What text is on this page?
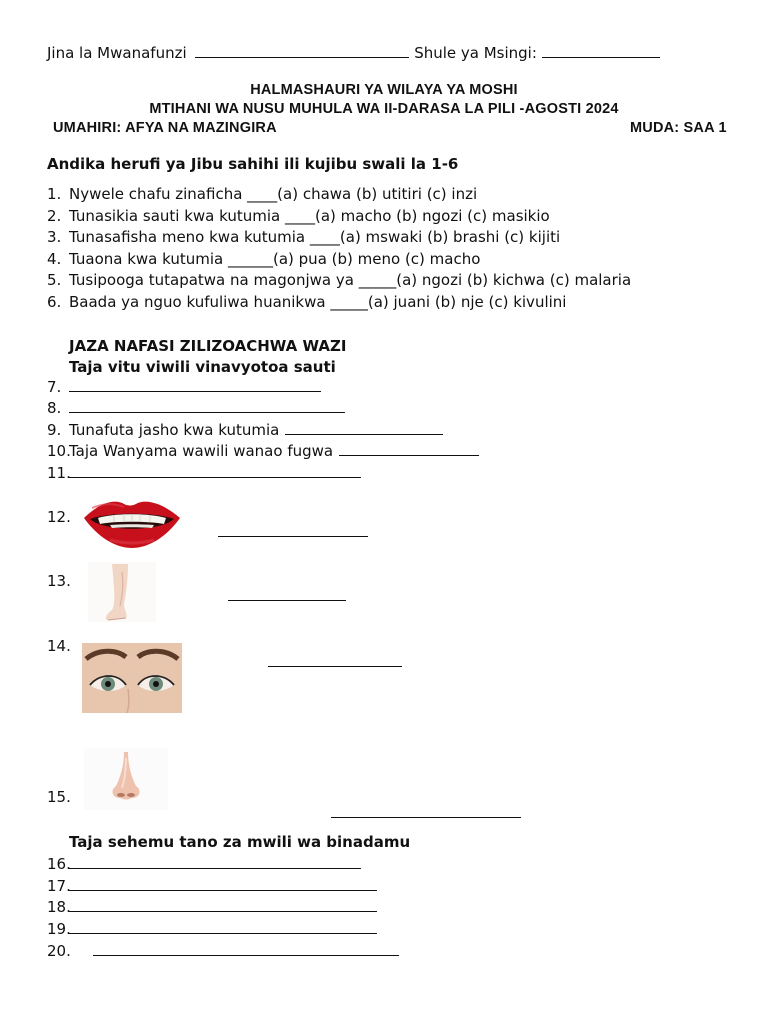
Jina la Mwanafunzi	Shule ya Msingi:
HALMASHAURI YA WILAYA YA MOSHI
MTIHANI WA NUSU MUHULA WA II-DARASA LA PILI -AGOSTI 2024
UMAHIRI: AFYA NA MAZINGIRA	MUDA: SAA 1
Andika herufi ya Jibu sahihi ili kujibu swali la 1-6
1. Nywele chafu zinaficha ____(a) chawa (b) utitiri (c) inzi
2. Tunasikia sauti kwa kutumia ____(a) macho (b) ngozi (c) masikio
3. Tunasafisha meno kwa kutumia ____(a) mswaki (b) brashi (c) kijiti
4. Tuaona kwa kutumia ______(a) pua (b) meno (c) macho
5. Tusipooga tutapatwa na magonjwa ya _____(a) ngozi (b) kichwa (c) malaria
6. Baada ya nguo kufuliwa huanikwa _____(a) juani (b) nje (c) kivulini
JAZA NAFASI ZILIZOACHWA WAZI
Taja vitu viwili vinavyotoa sauti
7.
8.
9. Tunafuta jasho kwa kutumia
10.
Taja Wanyama wawili wanao fugwa
11.
12.
13.
14.
15.
Taja sehemu tano za mwili wa binadamu
16.
17.
18.
19.
20.
